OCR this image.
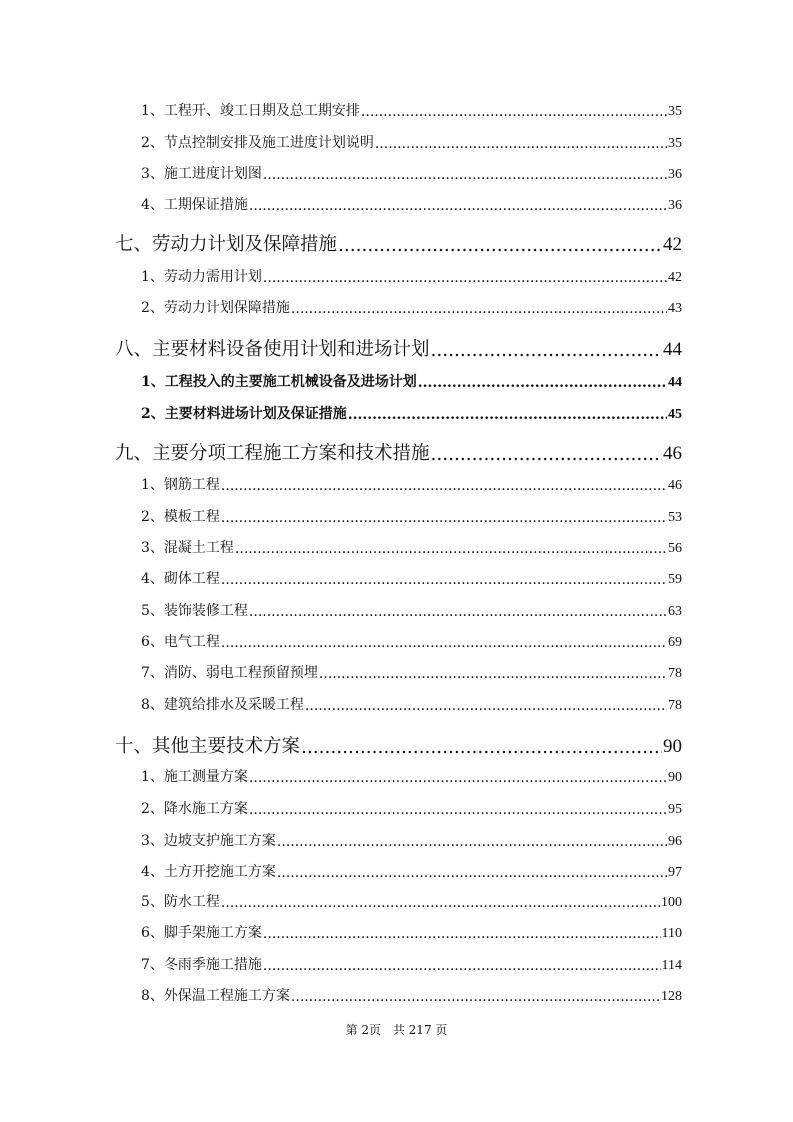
1、工程开、竣工日期及总工期安排 .....	35
2、节点控制安排及施工进度计划说明 .....	35
3、施工进度计划图 .....	36
4、工期保证措施 .....	36
七、劳动力计划及保障措施 .....	42
1、劳动力需用计划 .....	42
2、劳动力计划保障措施 .....	43
八、主要材料设备使用计划和进场计划 .....	44
1、工程投入的主要施工机械设备及进场计划 .....	44
2、主要材料进场计划及保证措施 .....	45
九、主要分项工程施工方案和技术措施 .....	46
1、钢筋工程 .....	46
2、模板工程 .....	53
3、混凝土工程 .....	56
4、砌体工程 .....	59
5、装饰装修工程 .....	63
6、电气工程 .....	69
7、消防、弱电工程预留预埋 .....	78
8、建筑给排水及采暖工程 .....	78
十、其他主要技术方案 .....	90
1、施工测量方案 .....	90
2、降水施工方案 .....	95
3、边坡支护施工方案 .....	96
4、土方开挖施工方案 .....	97
5、防水工程 .....	100
6、脚手架施工方案 .....	110
7、冬雨季施工措施 .....	114
8、外保温工程施工方案 .....	128
第 2页 共 217 页
